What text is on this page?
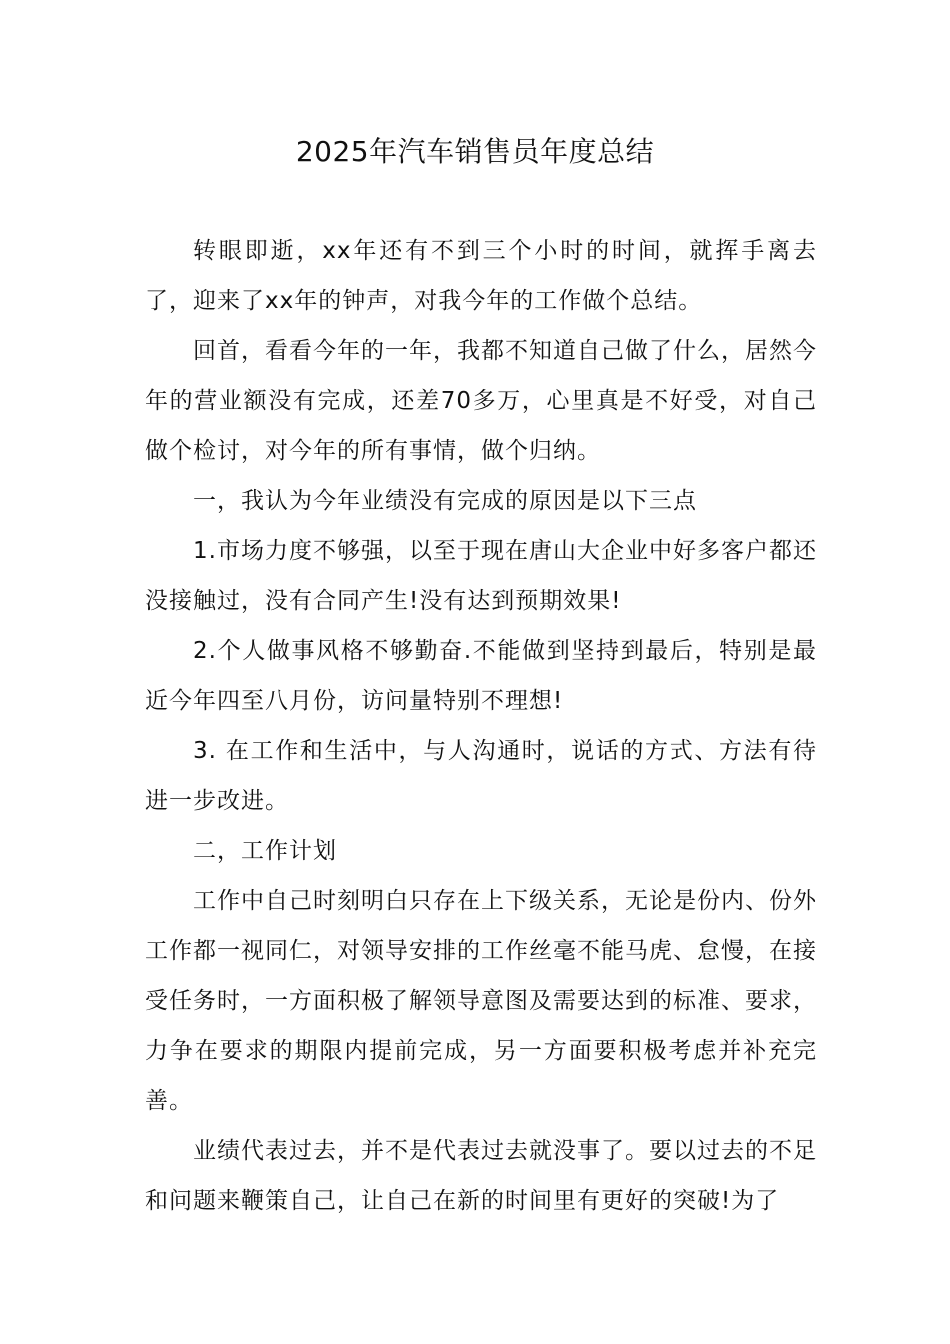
2025年汽车销售员年度总结

转眼即逝，xx年还有不到三个小时的时间，就挥手离去了，迎来了xx年的钟声，对我今年的工作做个总结。

回首，看看今年的一年，我都不知道自己做了什么，居然今年的营业额没有完成，还差70多万，心里真是不好受，对自己做个检讨，对今年的所有事情，做个归纳。

一，我认为今年业绩没有完成的原因是以下三点

1.市场力度不够强，以至于现在唐山大企业中好多客户都还没接触过，没有合同产生!没有达到预期效果!

2.个人做事风格不够勤奋.不能做到坚持到最后，特别是最近今年四至八月份，访问量特别不理想!

3. 在工作和生活中，与人沟通时，说话的方式、方法有待进一步改进。

二，工作计划

工作中自己时刻明白只存在上下级关系，无论是份内、份外工作都一视同仁，对领导安排的工作丝毫不能马虎、怠慢，在接受任务时，一方面积极了解领导意图及需要达到的标准、要求，力争在要求的期限内提前完成，另一方面要积极考虑并补充完善。

业绩代表过去，并不是代表过去就没事了。要以过去的不足和问题来鞭策自己，让自己在新的时间里有更好的突破!为了
